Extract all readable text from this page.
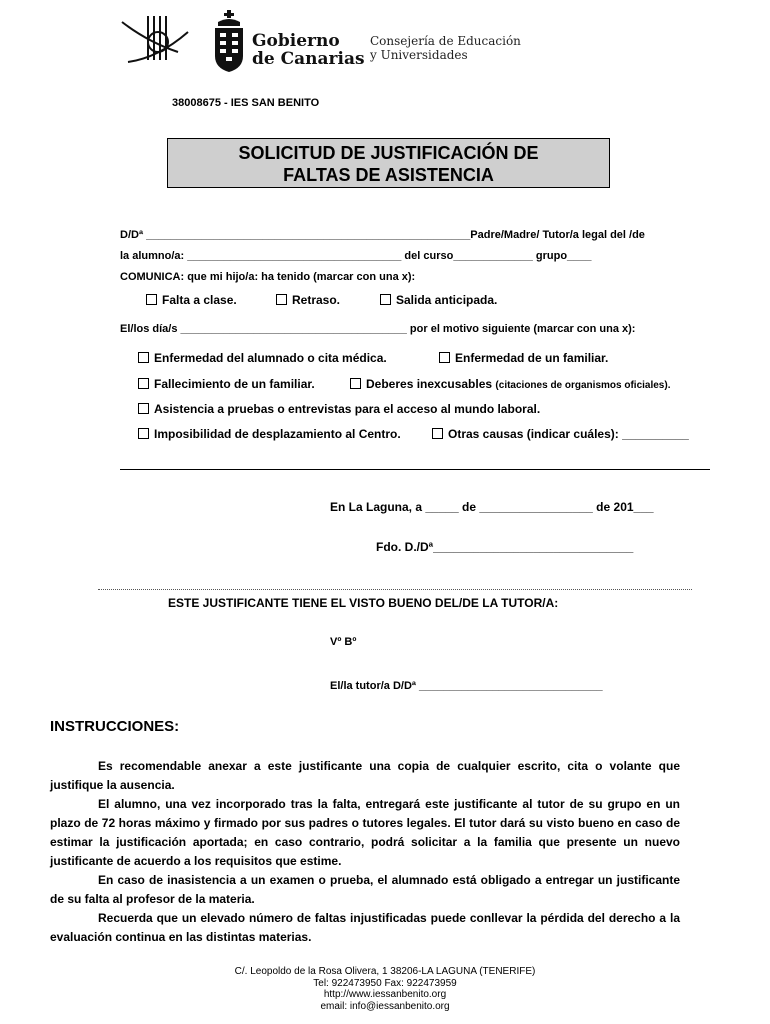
Gobierno
de Canarias
Consejería de Educación
y Universidades
38008675 - IES SAN BENITO
SOLICITUD DE JUSTIFICACIÓN DE
FALTAS DE ASISTENCIA
D/Dª _____________________________________________________Padre/Madre/ Tutor/a legal del /de
la alumno/a: ___________________________________ del curso_____________ grupo____
COMUNICA: que mi hijo/a: ha tenido (marcar con una x):
Falta a clase.	Retraso.	Salida anticipada.
El/los día/s _____________________________________ por el motivo siguiente (marcar con una x):
Enfermedad del alumnado o cita médica.	Enfermedad de un familiar.
Fallecimiento de un familiar.	Deberes inexcusables (citaciones de organismos oficiales).
Asistencia a pruebas o entrevistas para el acceso al mundo laboral.
Imposibilidad de desplazamiento al Centro.	Otras causas (indicar cuáles): __________
En La Laguna, a _____ de _________________ de 201___
Fdo. D./Dª______________________________
ESTE JUSTIFICANTE TIENE EL VISTO BUENO DEL/DE LA TUTOR/A:
Vº Bº
El/la tutor/a D/Dª ______________________________
INSTRUCCIONES:
Es recomendable anexar a este justificante una copia de cualquier escrito, cita o volante que justifique la ausencia.
El alumno, una vez incorporado tras la falta, entregará este justificante al tutor de su grupo en un plazo de 72 horas máximo y firmado por sus padres o tutores legales. El tutor dará su visto bueno en caso de estimar la justificación aportada; en caso contrario, podrá solicitar a la familia que presente un nuevo justificante de acuerdo a los requisitos que estime.
En caso de inasistencia a un examen o prueba, el alumnado está obligado a entregar un justificante de su falta al profesor de la materia.
Recuerda que un elevado número de faltas injustificadas puede conllevar la pérdida del derecho a la evaluación continua en las distintas materias.
C/. Leopoldo de la Rosa Olivera, 1 38206-LA LAGUNA (TENERIFE)
Tel: 922473950 Fax: 922473959
http://www.iessanbenito.org
email: info@iessanbenito.org
